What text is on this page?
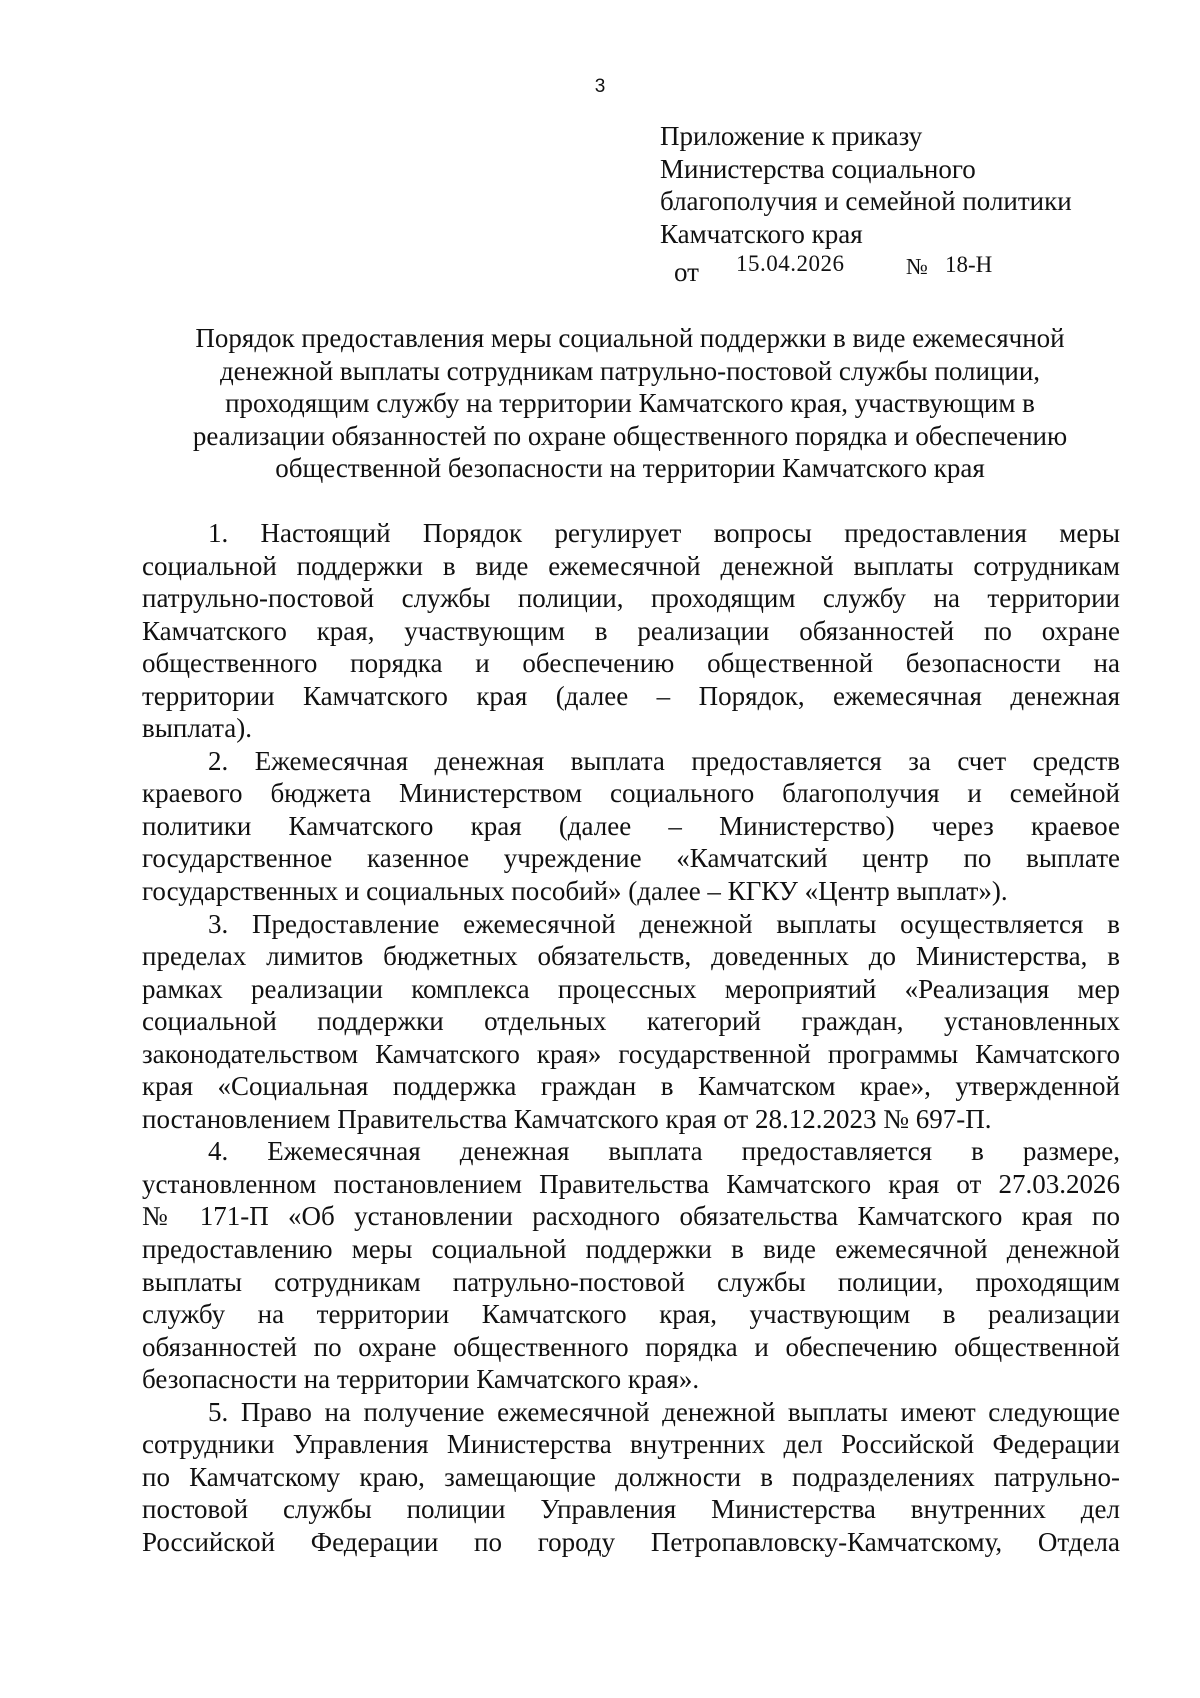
3
Приложение к приказу
Министерства социального
благополучия и семейной политики
Камчатского края
от 15.04.2026	№ 18-Н
Порядок предоставления меры социальной поддержки в виде ежемесячной
денежной выплаты сотрудникам патрульно-постовой службы полиции,
проходящим службу на территории Камчатского края, участвующим в
реализации обязанностей по охране общественного порядка и обеспечению
общественной безопасности на территории Камчатского края
1. Настоящий Порядок регулирует вопросы предоставления меры
социальной поддержки в виде ежемесячной денежной выплаты сотрудникам
патрульно-постовой службы полиции, проходящим службу на территории
Камчатского края, участвующим в реализации обязанностей по охране
общественного порядка и обеспечению общественной безопасности на
территории Камчатского края (далее – Порядок, ежемесячная денежная
выплата).
2. Ежемесячная денежная выплата предоставляется за счет средств
краевого бюджета Министерством социального благополучия и семейной
политики Камчатского края (далее – Министерство) через краевое
государственное казенное учреждение «Камчатский центр по выплате
государственных и социальных пособий» (далее – КГКУ «Центр выплат»).
3. Предоставление ежемесячной денежной выплаты осуществляется в
пределах лимитов бюджетных обязательств, доведенных до Министерства, в
рамках реализации комплекса процессных мероприятий «Реализация мер
социальной поддержки отдельных категорий граждан, установленных
законодательством Камчатского края» государственной программы Камчатского
края «Социальная поддержка граждан в Камчатском крае», утвержденной
постановлением Правительства Камчатского края от 28.12.2023 № 697-П.
4. Ежемесячная денежная выплата предоставляется в размере,
установленном постановлением Правительства Камчатского края от 27.03.2026
№ 171-П «Об установлении расходного обязательства Камчатского края по
предоставлению меры социальной поддержки в виде ежемесячной денежной
выплаты сотрудникам патрульно-постовой службы полиции, проходящим
службу на территории Камчатского края, участвующим в реализации
обязанностей по охране общественного порядка и обеспечению общественной
безопасности на территории Камчатского края».
5. Право на получение ежемесячной денежной выплаты имеют следующие
сотрудники Управления Министерства внутренних дел Российской Федерации
по Камчатскому краю, замещающие должности в подразделениях патрульно-
постовой службы полиции Управления Министерства внутренних дел
Российской Федерации по городу Петропавловску-Камчатскому, Отдела
